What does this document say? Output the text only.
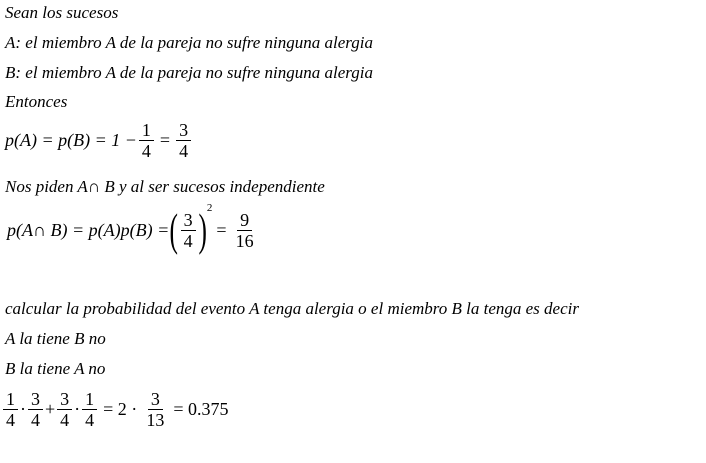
Sean los sucesos
A: el miembro A de la pareja no sufre ninguna alergia
B: el miembro A de la pareja no sufre ninguna alergia
Entonces
$p(A) = p(B) = 1 - \frac{1}{4} = \frac{3}{4}$
Nos piden A∩ B y al ser sucesos independiente
p(A∩ B) = p(A)p(B) = ( $\frac{3}{4} )^2$
= $\frac{9}{16}$
calcular la probabilidad del evento A tenga alergia o el miembro B la tenga es decir
A la tiene B no
B la tiene A no
$\frac{1}{4} \cdot \frac{3}{4} + \frac{3}{4} \cdot \frac{1}{4} = 2 \cdot \frac{3}{13} = 0.375$
